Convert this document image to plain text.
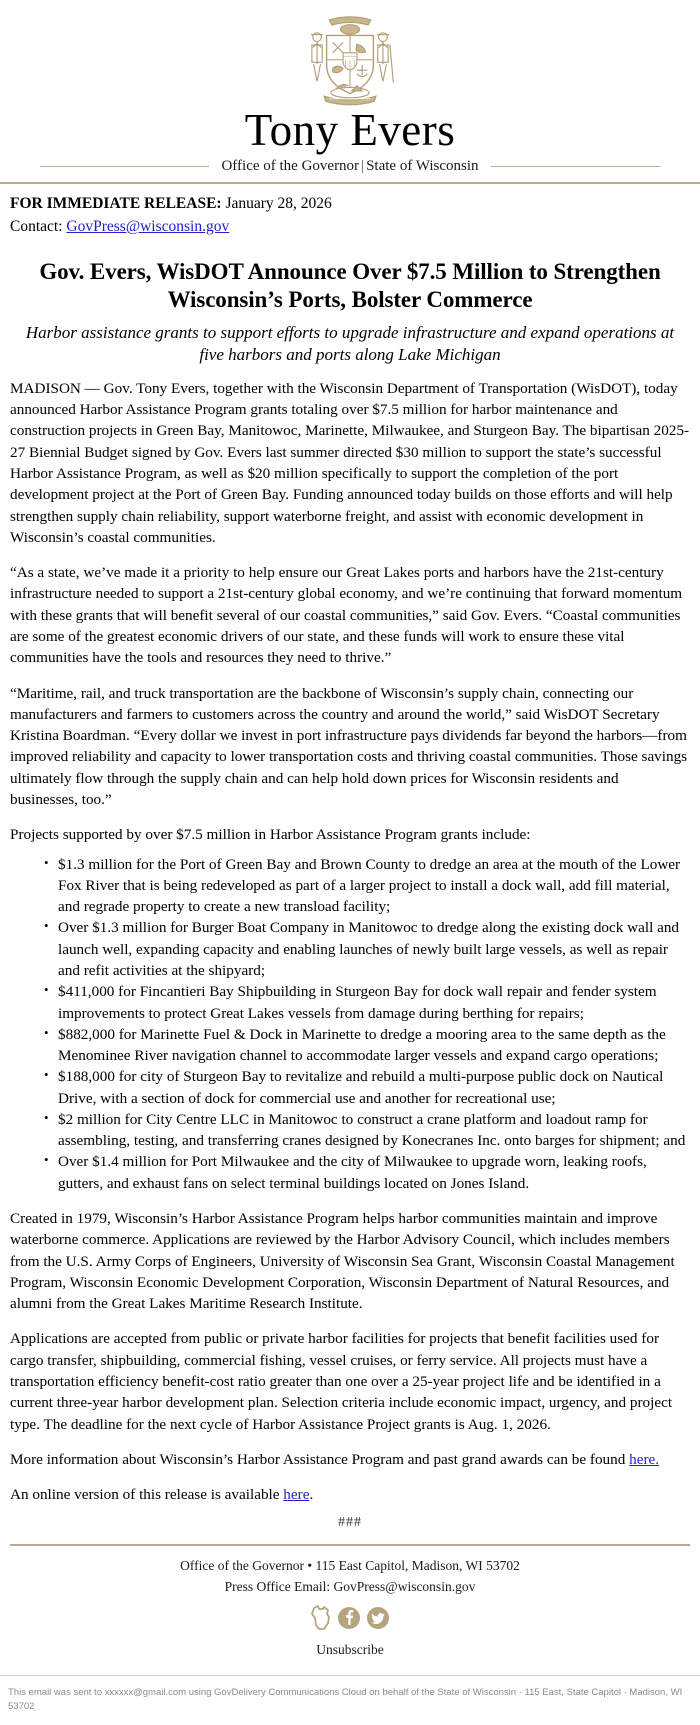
Tony Evers
Office of the Governor | State of Wisconsin
FOR IMMEDIATE RELEASE: January 28, 2026
Contact: GovPress@wisconsin.gov
Gov. Evers, WisDOT Announce Over $7.5 Million to Strengthen
Wisconsin’s Ports, Bolster Commerce
Harbor assistance grants to support efforts to upgrade infrastructure and expand operations at
five harbors and ports along Lake Michigan

MADISON — Gov. Tony Evers, together with the Wisconsin Department of Transportation (WisDOT), today announced Harbor Assistance Program grants totaling over $7.5 million for harbor maintenance and construction projects in Green Bay, Manitowoc, Marinette, Milwaukee, and Sturgeon Bay. The bipartisan 2025-27 Biennial Budget signed by Gov. Evers last summer directed $30 million to support the state’s successful Harbor Assistance Program, as well as $20 million specifically to support the completion of the port development project at the Port of Green Bay. Funding announced today builds on those efforts and will help strengthen supply chain reliability, support waterborne freight, and assist with economic development in Wisconsin’s coastal communities.

“As a state, we’ve made it a priority to help ensure our Great Lakes ports and harbors have the 21st-century infrastructure needed to support a 21st-century global economy, and we’re continuing that forward momentum with these grants that will benefit several of our coastal communities,” said Gov. Evers. “Coastal communities are some of the greatest economic drivers of our state, and these funds will work to ensure these vital communities have the tools and resources they need to thrive.”

“Maritime, rail, and truck transportation are the backbone of Wisconsin’s supply chain, connecting our manufacturers and farmers to customers across the country and around the world,” said WisDOT Secretary Kristina Boardman. “Every dollar we invest in port infrastructure pays dividends far beyond the harbors—from improved reliability and capacity to lower transportation costs and thriving coastal communities. Those savings ultimately flow through the supply chain and can help hold down prices for Wisconsin residents and businesses, too.”

Projects supported by over $7.5 million in Harbor Assistance Program grants include:

• $1.3 million for the Port of Green Bay and Brown County to dredge an area at the mouth of the Lower Fox River that is being redeveloped as part of a larger project to install a dock wall, add fill material, and regrade property to create a new transload facility;
• Over $1.3 million for Burger Boat Company in Manitowoc to dredge along the existing dock wall and launch well, expanding capacity and enabling launches of newly built large vessels, as well as repair and refit activities at the shipyard;
• $411,000 for Fincantieri Bay Shipbuilding in Sturgeon Bay for dock wall repair and fender system improvements to protect Great Lakes vessels from damage during berthing for repairs;
• $882,000 for Marinette Fuel & Dock in Marinette to dredge a mooring area to the same depth as the Menominee River navigation channel to accommodate larger vessels and expand cargo operations;
• $188,000 for city of Sturgeon Bay to revitalize and rebuild a multi-purpose public dock on Nautical Drive, with a section of dock for commercial use and another for recreational use;
• $2 million for City Centre LLC in Manitowoc to construct a crane platform and loadout ramp for assembling, testing, and transferring cranes designed by Konecranes Inc. onto barges for shipment; and
• Over $1.4 million for Port Milwaukee and the city of Milwaukee to upgrade worn, leaking roofs, gutters, and exhaust fans on select terminal buildings located on Jones Island.

Created in 1979, Wisconsin’s Harbor Assistance Program helps harbor communities maintain and improve waterborne commerce. Applications are reviewed by the Harbor Advisory Council, which includes members from the U.S. Army Corps of Engineers, University of Wisconsin Sea Grant, Wisconsin Coastal Management Program, Wisconsin Economic Development Corporation, Wisconsin Department of Natural Resources, and alumni from the Great Lakes Maritime Research Institute.

Applications are accepted from public or private harbor facilities for projects that benefit facilities used for cargo transfer, shipbuilding, commercial fishing, vessel cruises, or ferry service. All projects must have a transportation efficiency benefit-cost ratio greater than one over a 25-year project life and be identified in a current three-year harbor development plan. Selection criteria include economic impact, urgency, and project type. The deadline for the next cycle of Harbor Assistance Project grants is Aug. 1, 2026.

More information about Wisconsin’s Harbor Assistance Program and past grand awards can be found here.

An online version of this release is available here.

###
Office of the Governor • 115 East Capitol, Madison, WI 53702
Press Office Email: GovPress@wisconsin.gov
Unsubscribe
This email was sent to xxxxxx@gmail.com using GovDelivery Communications Cloud on behalf of the State of Wisconsin · 115 East, State Capitol · Madison, WI 53702
